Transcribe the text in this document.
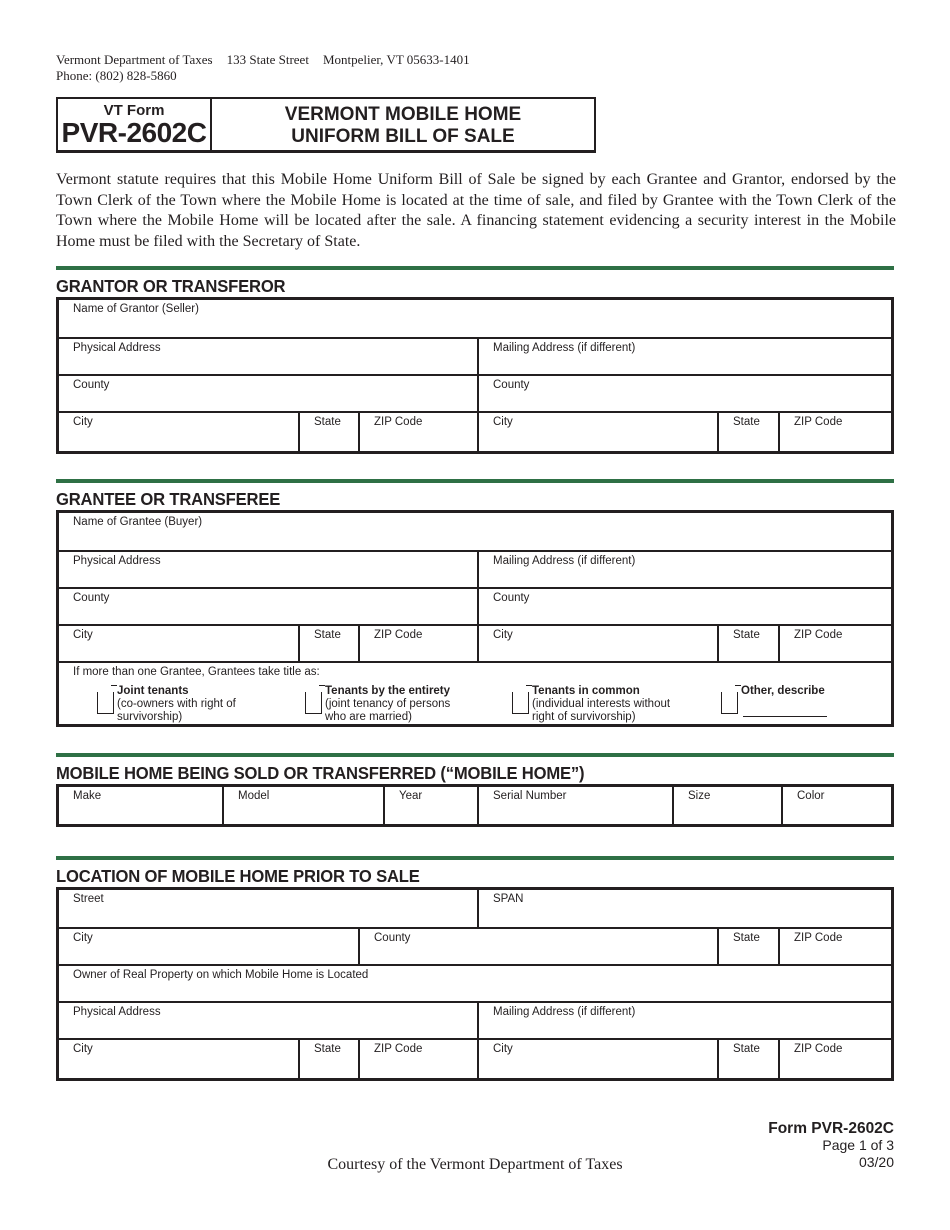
Vermont Department of Taxes 133 State Street Montpelier, VT 05633-1401
Phone: (802) 828-5860
VT Form
PVR-2602C
VERMONT MOBILE HOME
UNIFORM BILL OF SALE
Vermont statute requires that this Mobile Home Uniform Bill of Sale be signed by each Grantee and Grantor, endorsed by the Town Clerk of the Town where the Mobile Home is located at the time of sale, and filed by Grantee with the Town Clerk of the Town where the Mobile Home will be located after the sale. A financing statement evidencing a security interest in the Mobile Home must be filed with the Secretary of State.
GRANTOR OR TRANSFEROR
Name of Grantor (Seller)
Physical Address	Mailing Address (if different)
County	County
City	State	ZIP Code	City	State	ZIP Code
GRANTEE OR TRANSFEREE
Name of Grantee (Buyer)
Physical Address	Mailing Address (if different)
County	County
City	State	ZIP Code	City	State	ZIP Code
If more than one Grantee, Grantees take title as:
Joint tenants
(co-owners with right of
survivorship)
Tenants by the entirety
(joint tenancy of persons
who are married)
Tenants in common
(individual interests without
right of survivorship)
Other, describe
MOBILE HOME BEING SOLD OR TRANSFERRED (“MOBILE HOME”)
Make	Model	Year	Serial Number	Size	Color
LOCATION OF MOBILE HOME PRIOR TO SALE
Street	SPAN
City	County	State	ZIP Code
Owner of Real Property on which Mobile Home is Located
Physical Address	Mailing Address (if different)
City	State	ZIP Code	City	State	ZIP Code
Form PVR-2602C
Page 1 of 3
03/20
Courtesy of the Vermont Department of Taxes
